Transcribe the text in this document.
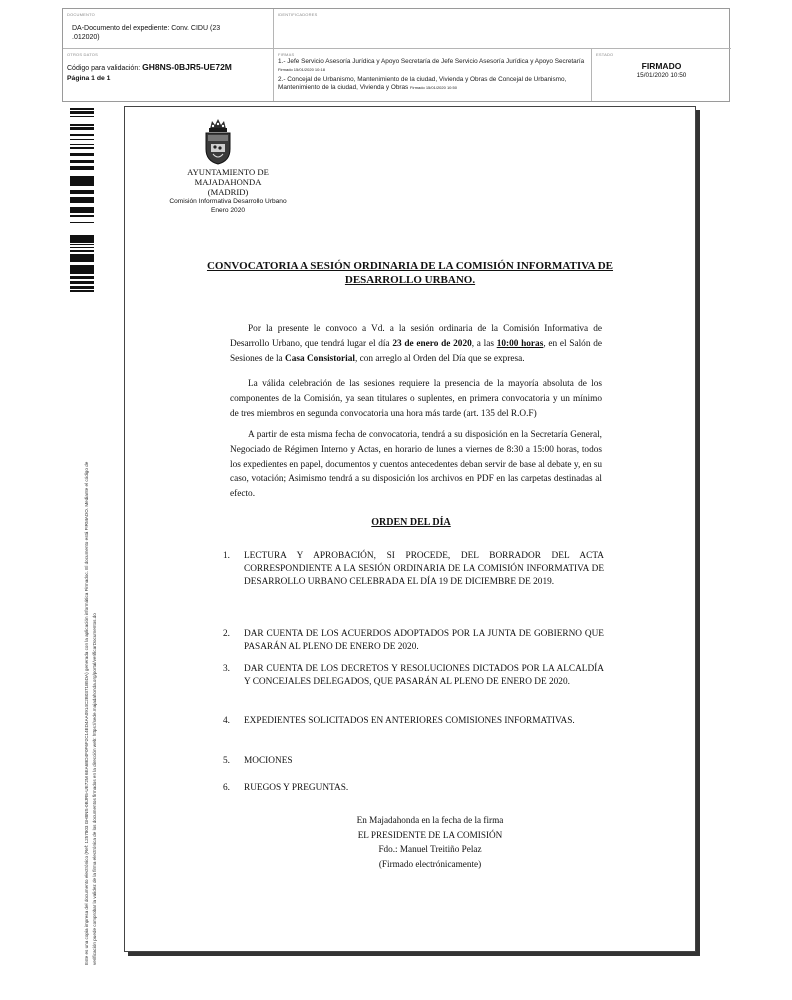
DOCUMENTO
DA-Documento del expediente: Conv. CIDU (23 .012020)
IDENTIFICADORES
OTROS DATOS
Código para validación: GH8NS-0BJR5-UE72M
Página 1 de 1
FIRMAS
1.- Jefe Servicio Asesoría Jurídica y Apoyo Secretaría de Jefe Servicio Asesoría Jurídica y Apoyo Secretaría Firmado 15/01/2020 10:18
2.- Concejal de Urbanismo, Mantenimiento de la ciudad, Vivienda y Obras de Concejal de Urbanismo, Mantenimiento de la ciudad, Vivienda y Obras Firmado 15/01/2020 10:50
ESTADO
FIRMADO
15/01/2020 10:50
Este es una copia impresa del documento electrónico (Ref: 1257803 GH8NS-0BJR5-UE72M 6EA6BD4F0F6F2C14ED4AA0914C2B0371B5DA) generada con la aplicación informática Firmadoc. El documento está FIRMADO. Mediante el código de verificación puede comprobar la validez de la firma electrónica de los documentos firmados en la dirección web: https://sede.majadahonda.org/portal/verificarDocumentos.do
AYUNTAMIENTO DE
MAJADAHONDA
(MADRID)
Comisión Informativa Desarrollo Urbano
Enero 2020
CONVOCATORIA A SESIÓN ORDINARIA DE LA COMISIÓN INFORMATIVA DE DESARROLLO URBANO.
Por la presente le convoco a Vd. a la sesión ordinaria de la Comisión Informativa de Desarrollo Urbano, que tendrá lugar el día 23 de enero de 2020, a las 10:00 horas, en el Salón de Sesiones de la Casa Consistorial, con arreglo al Orden del Día que se expresa.
La válida celebración de las sesiones requiere la presencia de la mayoría absoluta de los componentes de la Comisión, ya sean titulares o suplentes, en primera convocatoria y un mínimo de tres miembros en segunda convocatoria una hora más tarde (art. 135 del R.O.F)
A partir de esta misma fecha de convocatoria, tendrá a su disposición en la Secretaría General, Negociado de Régimen Interno y Actas, en horario de lunes a viernes de 8:30 a 15:00 horas, todos los expedientes en papel, documentos y cuentos antecedentes deban servir de base al debate y, en su caso, votación; Asimismo tendrá a su disposición los archivos en PDF en las carpetas destinadas al efecto.
ORDEN DEL DÍA
1. LECTURA Y APROBACIÓN, SI PROCEDE, DEL BORRADOR DEL ACTA CORRESPONDIENTE A LA SESIÓN ORDINARIA DE LA COMISIÓN INFORMATIVA DE DESARROLLO URBANO CELEBRADA EL DÍA 19 DE DICIEMBRE DE 2019.
2. DAR CUENTA DE LOS ACUERDOS ADOPTADOS POR LA JUNTA DE GOBIERNO QUE PASARÁN AL PLENO DE ENERO DE 2020.
3. DAR CUENTA DE LOS DECRETOS Y RESOLUCIONES DICTADOS POR LA ALCALDÍA Y CONCEJALES DELEGADOS, QUE PASARÁN AL PLENO DE ENERO DE 2020.
4. EXPEDIENTES SOLICITADOS EN ANTERIORES COMISIONES INFORMATIVAS.
5. MOCIONES
6. RUEGOS Y PREGUNTAS.
En Majadahonda en la fecha de la firma
EL PRESIDENTE DE LA COMISIÓN
Fdo.: Manuel Treitiño Pelaz
(Firmado electrónicamente)
